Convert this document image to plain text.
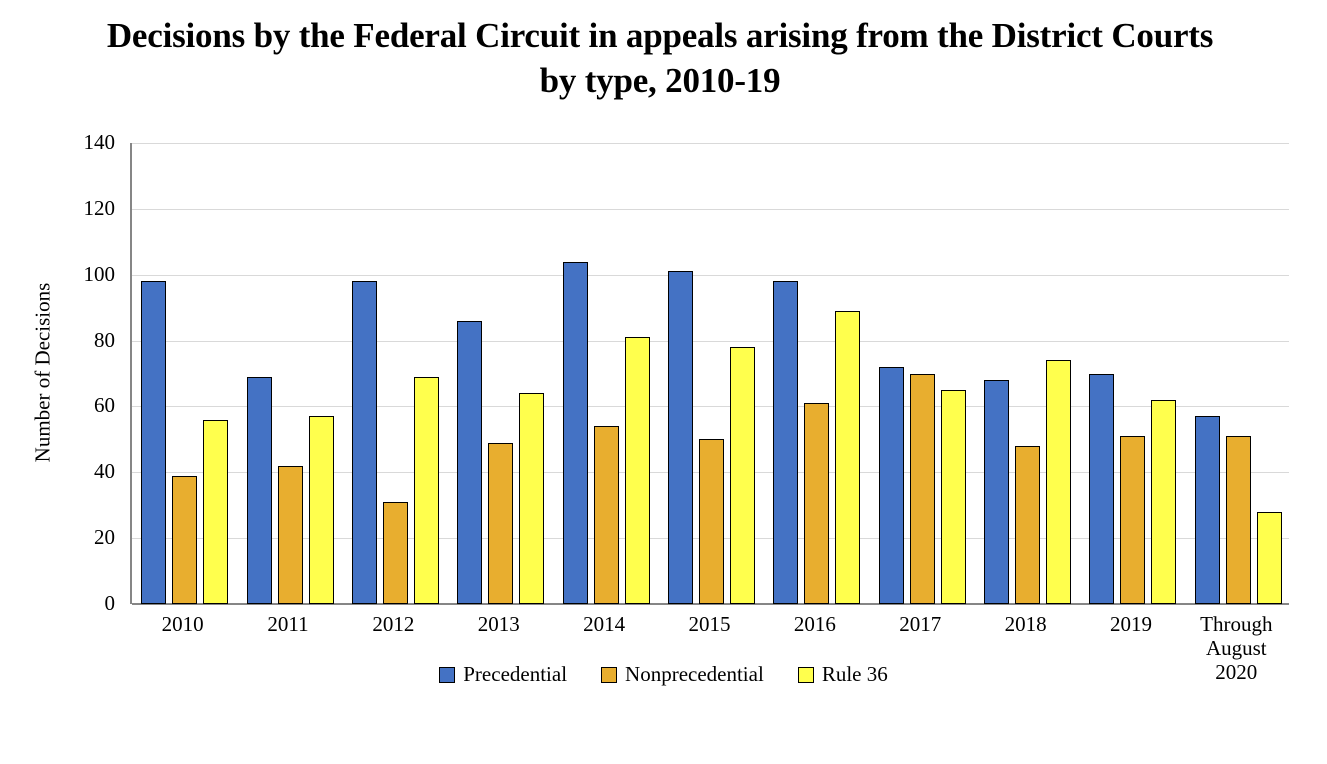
Decisions by the Federal Circuit in appeals arising from the District Courts by type, 2010-19
Number of Decisions
Precedential	Nonprecedential	Rule 36
140
120
100
80
60
40
20
0
2010	2011	2012	2013	2014	2015	2016	2017	2018	2019	Through
August
2020
